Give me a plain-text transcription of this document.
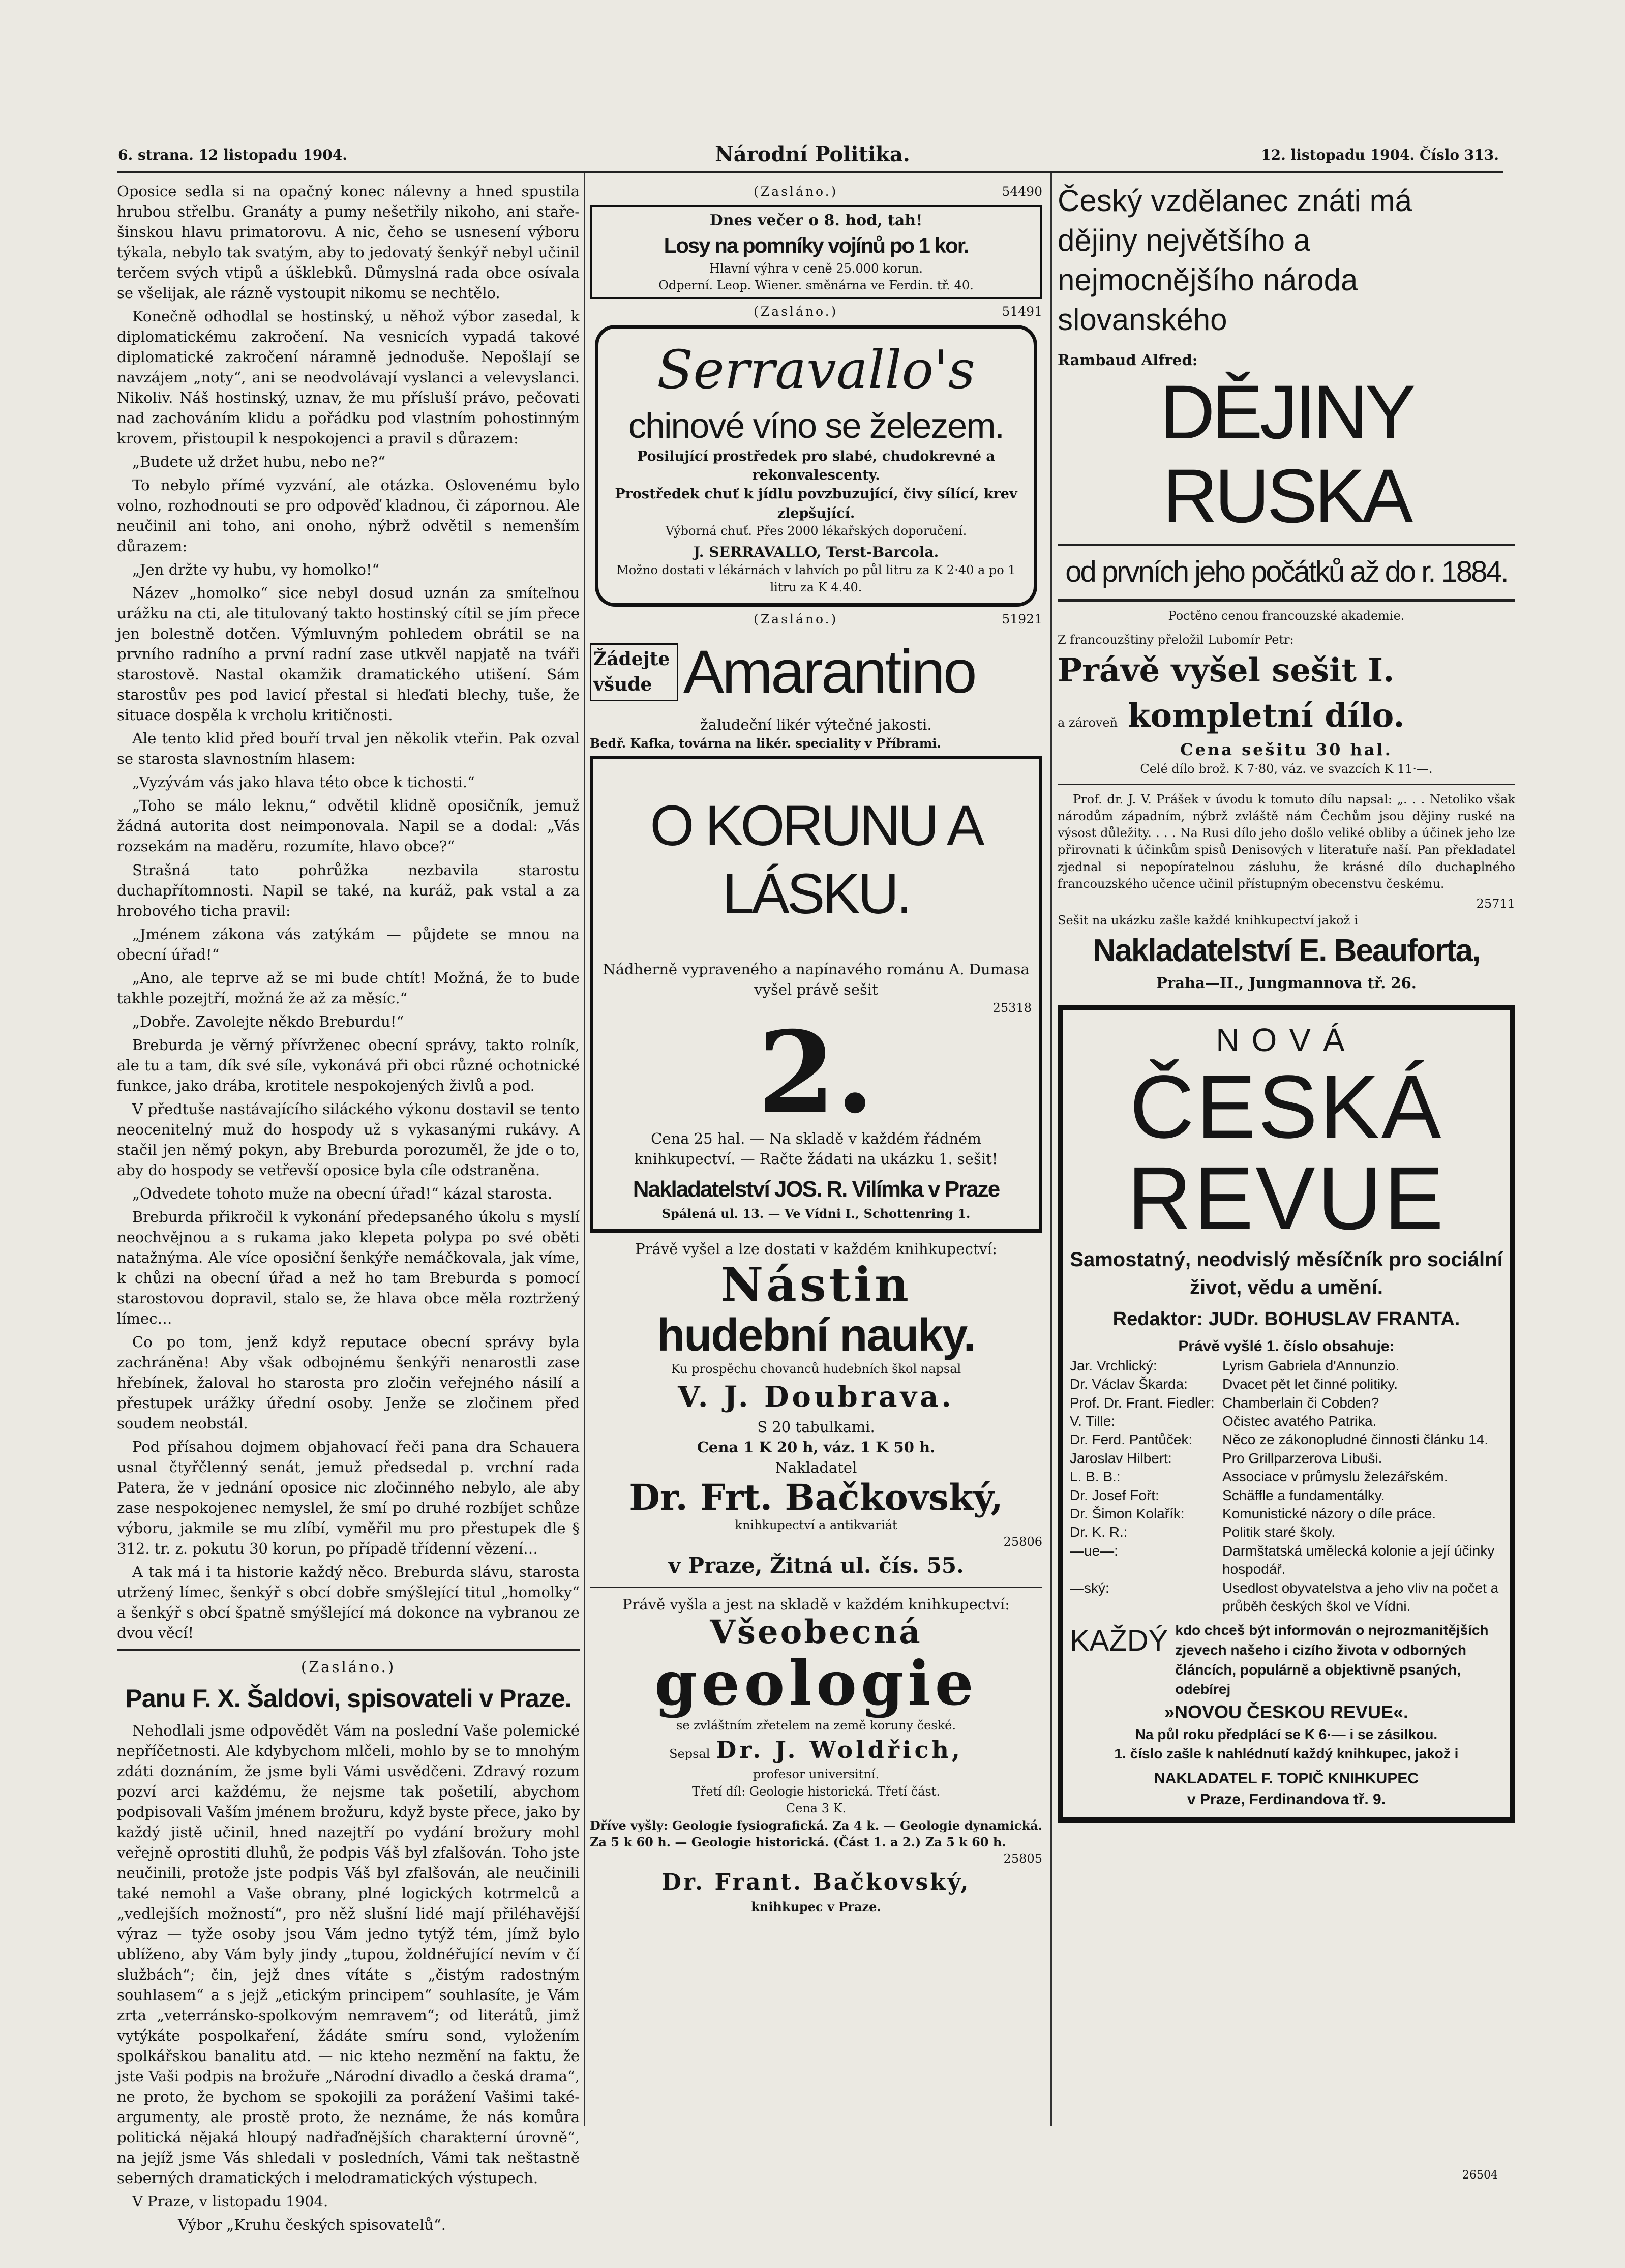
6. strana. 12 listopadu 1904.	Národní Politika.	12. listopadu 1904. Číslo 313.

Oposice sedla si na opačný konec nálevny a hned spustila hrubou střelbu. Granáty a pumy nešetřily nikoho, ani stařešinskou hlavu primatorovu. A nic, čeho se usnesení výboru týkala, nebylo tak svatým, aby to jedovatý šenkýř nebyl učinil terčem svých vtipů a úšklebků. Důmyslná rada obce osívala se všelijak, ale rázně vystoupit nikomu se nechtělo.

Konečně odhodlal se hostinský, u něhož výbor zasedal, k diplomatickému zakročení. Na vesnicích vypadá takové diplomatické zakročení náramně jednoduše. Nepošlají se navzájem „noty“, ani se neodvolávají vyslanci a velevyslanci. Nikoliv. Náš hostinský, uznav, že mu přísluší právo, pečovati nad zachováním klidu a pořádku pod vlastním pohostinným krovem, přistoupil k nespokojenci a pravil s důrazem:

„Budete už držet hubu, nebo ne?“

To nebylo přímé vyzvání, ale otázka. Oslovenému bylo volno, rozhodnouti se pro odpověď kladnou, či zápornou. Ale neučinil ani toho, ani onoho, nýbrž odvětil s nemenším důrazem:

„Jen držte vy hubu, vy homolko!“

Název „homolko“ sice nebyl dosud uznán za smíteľnou urážku na cti, ale titulovaný takto hostinský cítil se jím přece jen bolestně dotčen. Výmluvným pohledem obrátil se na prvního radního a první radní zase utkvěl napjatě na tváři starostově. Nastal okamžik dramatického utišení. Sám starostův pes pod lavicí přestal si hleďati blechy, tuše, že situace dospěla k vrcholu kritičnosti.

Ale tento klid před bouří trval jen několik vteřin. Pak ozval se starosta slavnostním hlasem:

„Vyzývám vás jako hlava této obce k tichosti.“

„Toho se málo leknu,“ odvětil klidně oposičník, jemuž žádná autorita dost neimponovala. Napil se a dodal: „Vás rozsekám na maděru, rozumíte, hlavo obce?“

Strašná tato pohrůžka nezbavila starostu duchapřítomnosti. Napil se také, na kuráž, pak vstal a za hrobového ticha pravil:

„Jménem zákona vás zatýkám — půjdete se mnou na obecní úřad!“

„Ano, ale teprve až se mi bude chtít! Možná, že to bude takhle pozejtří, možná že až za měsíc.“

„Dobře. Zavolejte někdo Breburdu!“

Breburda je věrný přívrženec obecní správy, takto rolník, ale tu a tam, dík své síle, vykonává při obci různé ochotnické funkce, jako drába, krotitele nespokojených živlů a pod.

V předtuše nastávajícího siláckého výkonu dostavil se tento neocenitelný muž do hospody už s vykasanými rukávy. A stačil jen němý pokyn, aby Breburda porozuměl, že jde o to, aby do hospody se vetřevší oposice byla cíle odstraněna.

„Odvedete tohoto muže na obecní úřad!“ kázal starosta.

Breburda přikročil k vykonání předepsaného úkolu s myslí neochvějnou a s rukama jako klepeta polypa po své oběti natažnýma. Ale více oposiční šenkýře nemáčkovala, jak víme, k chůzi na obecní úřad a než ho tam Breburda s pomocí starostovou dopravil, stalo se, že hlava obce měla roztržený límec…

Co po tom, jenž když reputace obecní správy byla zachráněna! Aby však odbojnému šenkýři nenarostli zase hřebínek, žaloval ho starosta pro zločin veřejného násilí a přestupek urážky úřední osoby. Jenže se zločinem před soudem neobstál.

Pod přísahou dojmem objahovací řeči pana dra Schauera usnal čtyřčlenný senát, jemuž předsedal p. vrchní rada Patera, že v jednání oposice nic zločinného nebylo, ale aby zase nespokojenec nemyslel, že smí po druhé rozbíjet schůze výboru, jakmile se mu zlíbí, vyměřil mu pro přestupek dle § 312. tr. z. pokutu 30 korun, po případě třídenní vězení…

A tak má i ta historie každý něco. Breburda slávu, starosta utržený límec, šenkýř s obcí dobře smýšlející titul „homolky“ a šenkýř s obcí špatně smýšlející má dokonce na vybranou ze dvou věcí!

(Zasláno.)
Panu F. X. Šaldovi, spisovateli v Praze.

Nehodlali jsme odpovědět Vám na poslední Vaše polemické nepříčetnosti. Ale kdybychom mlčeli, mohlo by se to mnohým zdáti doznáním, že jsme byli Vámi usvědčeni. Zdravý rozum pozví arci každému, že nejsme tak pošetilí, abychom podpisovali Vaším jménem brožuru, když byste přece, jako by každý jistě učinil, hned nazejtří po vydání brožury mohl veřejně oprostiti dluhů, že podpis Váš byl zfalšován. Toho jste neučinili, protože jste podpis Váš byl zfalšován, ale neučinili také nemohl a Vaše obrany, plné logických kotrmelců a „vedlejších možností“, pro něž slušní lidé mají přiléhavější výraz — tyže osoby jsou Vám jedno tytýž tém, jímž bylo ublíženo, aby Vám byly jindy „tupou, žoldnéřující nevím v čí službách“; čin, jejž dnes vítáte s „čistým radostným souhlasem“ a s jejž „etickým principem“ souhlasíte, je Vám zrta „veterránsko-spolkovým nemravem“; od literátů, jimž vytýkáte pospolkaření, žádáte smíru sond, vyložením spolkářskou banalitu atd. — nic kteho nezmění na faktu, že jste Vaši podpis na brožuře „Národní divadlo a česká drama“, ne proto, že bychom se spokojili za porážení Vašimi také-argumenty, ale prostě proto, že neznáme, že nás komůra politická nějaká hloupý nadřaďnějších charakterní úrovně“, na jejíž jsme Vás shledali v posledních, Vámi tak neštastně seberných dramatických i melodramatických výstupech.

V Praze, v listopadu 1904.

Výbor „Kruhu českých spisovatelů“.

(Zasláno.)	54490
Dnes večer o 8. hod, tah!
Losy na pomníky vojínů po 1 kor.
Hlavní výhra v ceně 25.000 korun.
Odperní. Leop. Wiener. směnárna ve Ferdin. tř. 40.
(Zasláno.)	51491
Serravallo's
chinové víno se železem.
Posilující prostředek pro slabé, chudokrevné a rekonvalescenty.
Prostředek chuť k jídlu povzbuzující, čivy sílící, krev zlepšující.
Výborná chuť. Přes 2000 lékařských doporučení.
J. SERRAVALLO, Terst-Barcola.
Možno dostati v lékárnách v lahvích po půl litru za K 2·40 a po 1 litru za K 4.40.
(Zasláno.)	51921
Žádejte všude Amarantino
žaludeční likér výtečné jakosti.
Bedř. Kafka, továrna na likér. speciality v Příbrami.
O KORUNU A LÁSKU.
Nádherně vypraveného a napínavého románu A. Dumasa vyšel právě sešit
25318
2.
Cena 25 hal. — Na skladě v každém řádném knihkupectví. — Račte žádati na ukázku 1. sešit!
Nakladatelství JOS. R. Vilímka v Praze
Spálená ul. 13. — Ve Vídni I., Schottenring 1.
Právě vyšel a lze dostati v každém knihkupectví:
Nástin
hudební nauky.
Ku prospěchu chovanců hudebních škol napsal
V. J. Doubrava.
S 20 tabulkami.
Cena 1 K 20 h, váz. 1 K 50 h.
Nakladatel
Dr. Frt. Bačkovský,
knihkupectví a antikvariát
25806
v Praze, Žitná ul. čís. 55.
Právě vyšla a jest na skladě v každém knihkupectví:
Všeobecná
geologie
se zvláštním zřetelem na země koruny české.
Sepsal Dr. J. Woldřich,
profesor universitní.
Třetí díl: Geologie historická. Třetí část.
Cena 3 K.
Dříve vyšly: Geologie fysiografická. Za 4 k. — Geologie dynamická. Za 5 k 60 h. — Geologie historická. (Část 1. a 2.) Za 5 k 60 h.
25805
Dr. Frant. Bačkovský,
knihkupec v Praze.
Český vzdělanec znáti má
dějiny největšího a nejmocnějšího národa slovanského
Rambaud Alfred:
DĚJINY RUSKA
od prvních jeho počátků až do r. 1884.
Poctěno cenou francouzské akademie.
Z francouzštiny přeložil Lubomír Petr:
Právě vyšel sešit I.
a zároveň kompletní dílo.
Cena sešitu 30 hal.
Celé dílo brož. K 7·80, váz. ve svazcích K 11·—.

Prof. dr. J. V. Prášek v úvodu k tomuto dílu napsal: „. . . Netoliko však národům západním, nýbrž zvláště nám Čechům jsou dějiny ruské na výsost důležity. . . . Na Rusi dílo jeho došlo veliké obliby a účinek jeho lze přirovnati k účinkům spisů Denisových v literatuře naší. Pan překladatel zjednal si nepopíratelnou zásluhu, že krásné dílo duchaplného francouzského učence učinil přístupným obecenstvu českému.

25711
Sešit na ukázku zašle každé knihkupectví jakož i
Nakladatelství E. Beauforta,
Praha—II., Jungmannova tř. 26.
NOVÁ
ČESKÁ
REVUE
Samostatný, neodvislý měsíčník pro sociální život, vědu a umění.
Redaktor: JUDr. BOHUSLAV FRANTA.
Právě vyšlé 1. číslo obsahuje:
Jar. Vrchlický:	Lyrism Gabriela d'Annunzio.
Dr. Václav Škarda:	Dvacet pět let činné politiky.
Prof. Dr. Frant. Fiedler: Chamberlain či Cobden?
V. Tille:	Očistec avatého Patrika.
Dr. Ferd. Pantůček:	Něco ze zákonopludné činnosti článku 14.
Jaroslav Hilbert:	Pro Grillparzerova Libuši.
L. B. B.:	Associace v průmyslu železářském.
Dr. Josef Fořt:	Schäffle a fundamentálky.
Dr. Šimon Kolařík:	Komunistické názory o díle práce.
Dr. K. R.:	Politik staré školy.
—ue—:	Darmštatská umělecká kolonie a její účinky hospodář.
—ský:	Usedlost obyvatelstva a jeho vliv na počet a průběh českých škol ve Vídni.
KAŽDÝ kdo chceš být informován o nejrozmanitějších zjevech našeho i cizího života v odborných článcích, populárně a objektivně psaných, odebírej
»NOVOU ČESKOU REVUE«.
Na půl roku předplácí se K 6·— i se zásilkou.
1. číslo zašle k nahlédnutí každý knihkupec, jakož i
NAKLADATEL F. TOPIČ KNIHKUPEC
v Praze, Ferdinandova tř. 9.
26504
